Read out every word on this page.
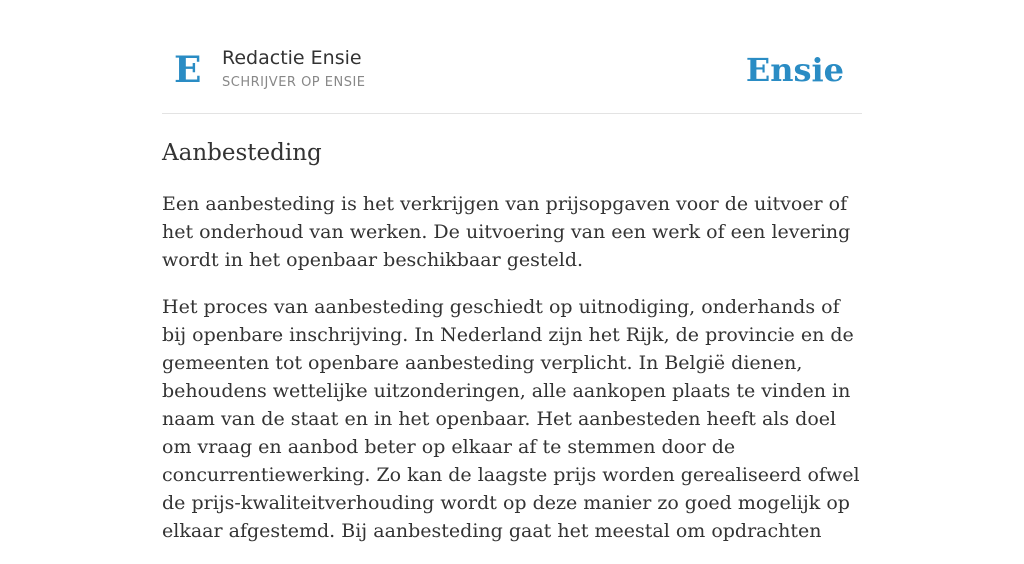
E Redactie Ensie
SCHRIJVER OP ENSIE	Ensie
Aanbesteding

Een aanbesteding is het verkrijgen van prijsopgaven voor de uitvoer of het onderhoud van werken. De uitvoering van een werk of een levering wordt in het openbaar beschikbaar gesteld.

Het proces van aanbesteding geschiedt op uitnodiging, onderhands of bij openbare inschrijving. In Nederland zijn het Rijk, de provincie en de gemeenten tot openbare aanbesteding verplicht. In België dienen, behoudens wettelijke uitzonderingen, alle aankopen plaats te vinden in naam van de staat en in het openbaar. Het aanbesteden heeft als doel om vraag en aanbod beter op elkaar af te stemmen door de concurrentiewerking. Zo kan de laagste prijs worden gerealiseerd ofwel de prijs-kwaliteitverhouding wordt op deze manier zo goed mogelijk op elkaar afgestemd. Bij aanbesteding gaat het meestal om opdrachten
